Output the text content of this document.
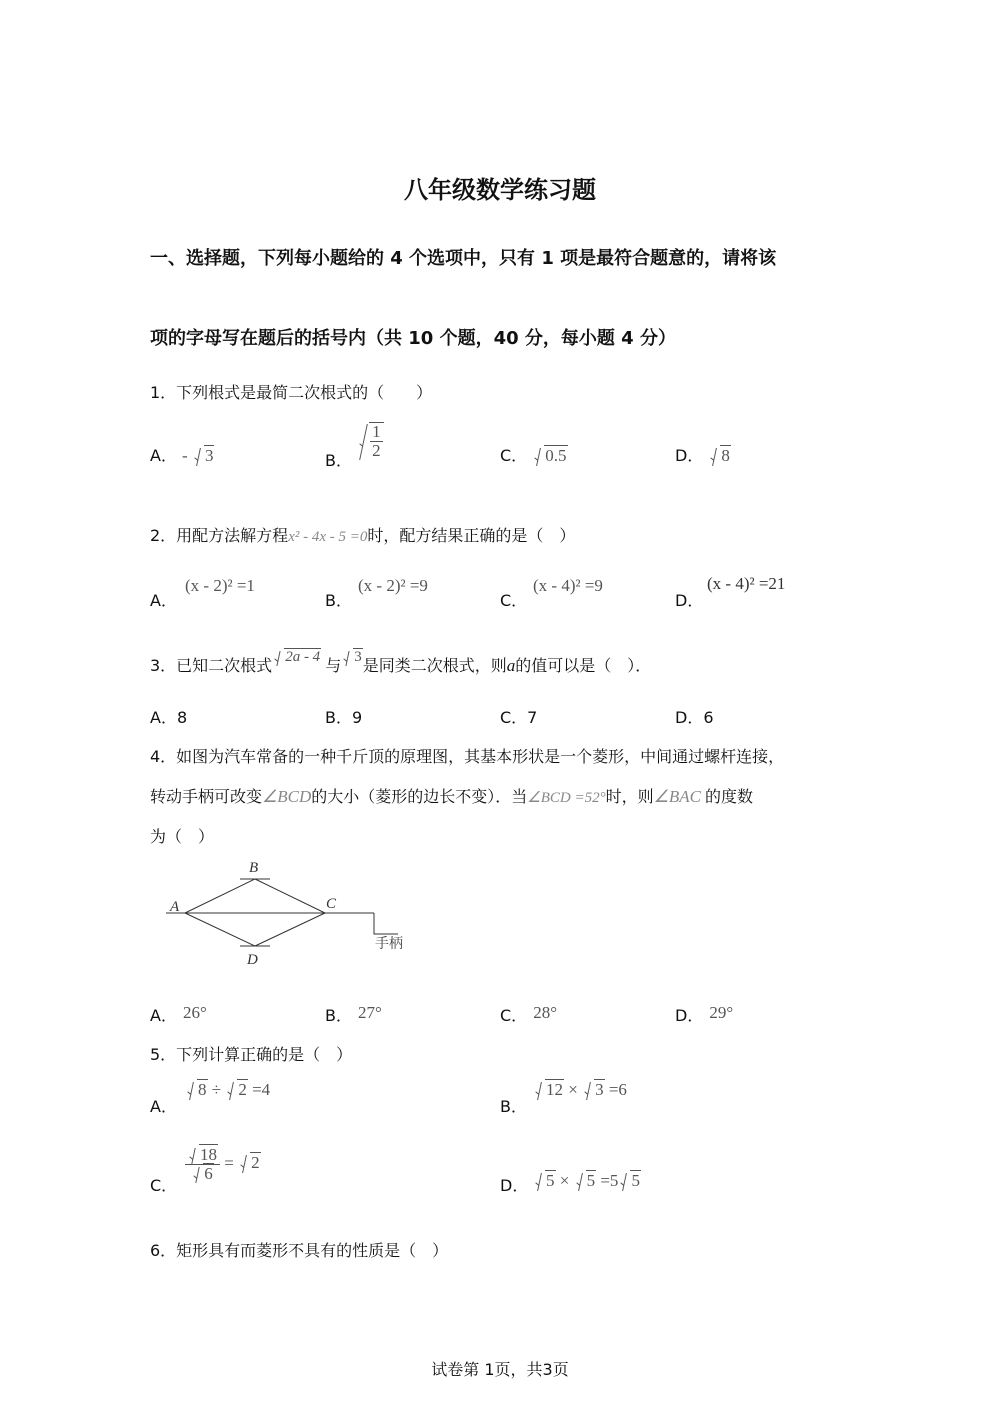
八年级数学练习题
一、选择题，下列每小题给的 4 个选项中，只有 1 项是最符合题意的，请将该
项的字母写在题后的括号内（共 10 个题，40 分，每小题 4 分）
1．下列根式是最简二次根式的（　　）
A． - 3	B．
$\frac{1}{2}$	C． 0.5	D． 8
2．用配方法解方程x² - 4x - 5 =0时，配方结果正确的是（　）
A．
(x - 2)² =1
B．
(x - 2)² =9
C．
(x - 4)² =9
D．
(x - 4)² =21
3．已知二次根式 2a - 4 与 3是同类二次根式，则a的值可以是（　）．
A．8	B．9	C．7	D．6
4．如图为汽车常备的一种千斤顶的原理图，其基本形状是一个菱形，中间通过螺杆连接，
转动手柄可改变∠BCD的大小（菱形的边长不变）．当∠BCD =52°时，则∠BAC 的度数
为（　）
A
B
C
D
手柄
A． 26°	B． 27°	C． 28°	D． 29°
5．下列计算正确的是（　）
A．
8 ÷ 2 =4
B．
12 × 3 =6
C．
$\frac{18}{6} = 2$
D．	5 × 5 =5 5
6．矩形具有而菱形不具有的性质是（　）
试卷第 1页，共3页
